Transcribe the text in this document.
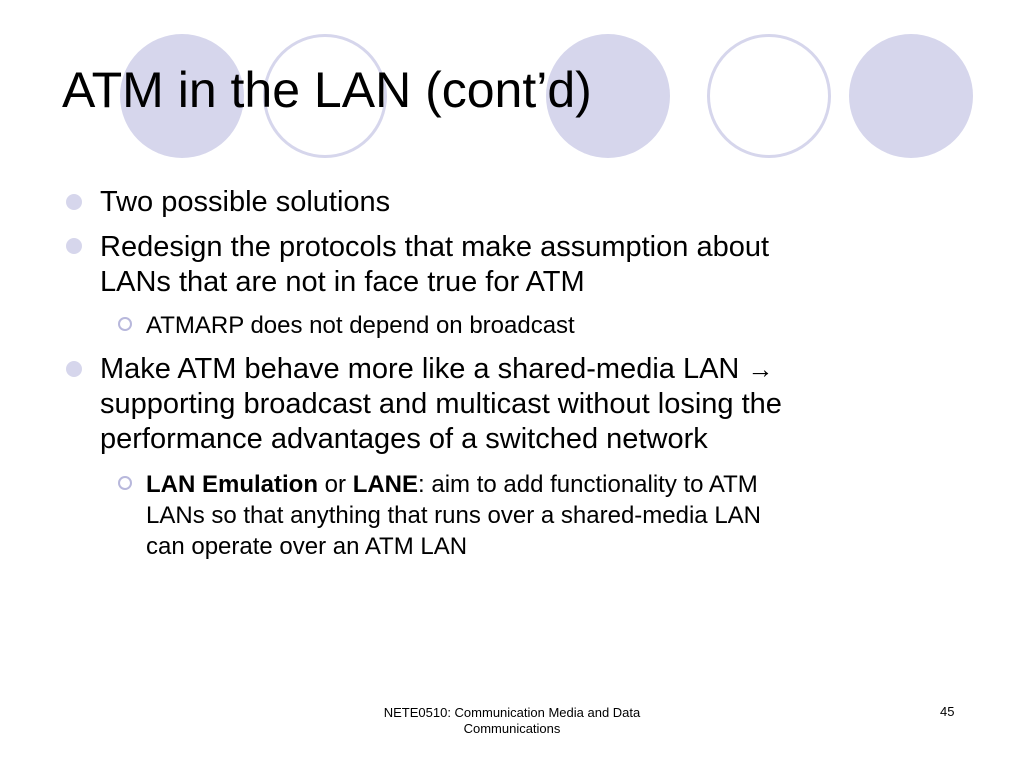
ATM in the LAN (cont’d)
Two possible solutions
Redesign the protocols that make assumption about
LANs that are not in face true for ATM
ATMARP does not depend on broadcast
Make ATM behave more like a shared-media LAN →
supporting broadcast and multicast without losing the
performance advantages of a switched network
LAN Emulation or LANE: aim to add functionality to ATM
LANs so that anything that runs over a shared-media LAN
can operate over an ATM LAN
NETE0510: Communication Media and Data
Communications
45
